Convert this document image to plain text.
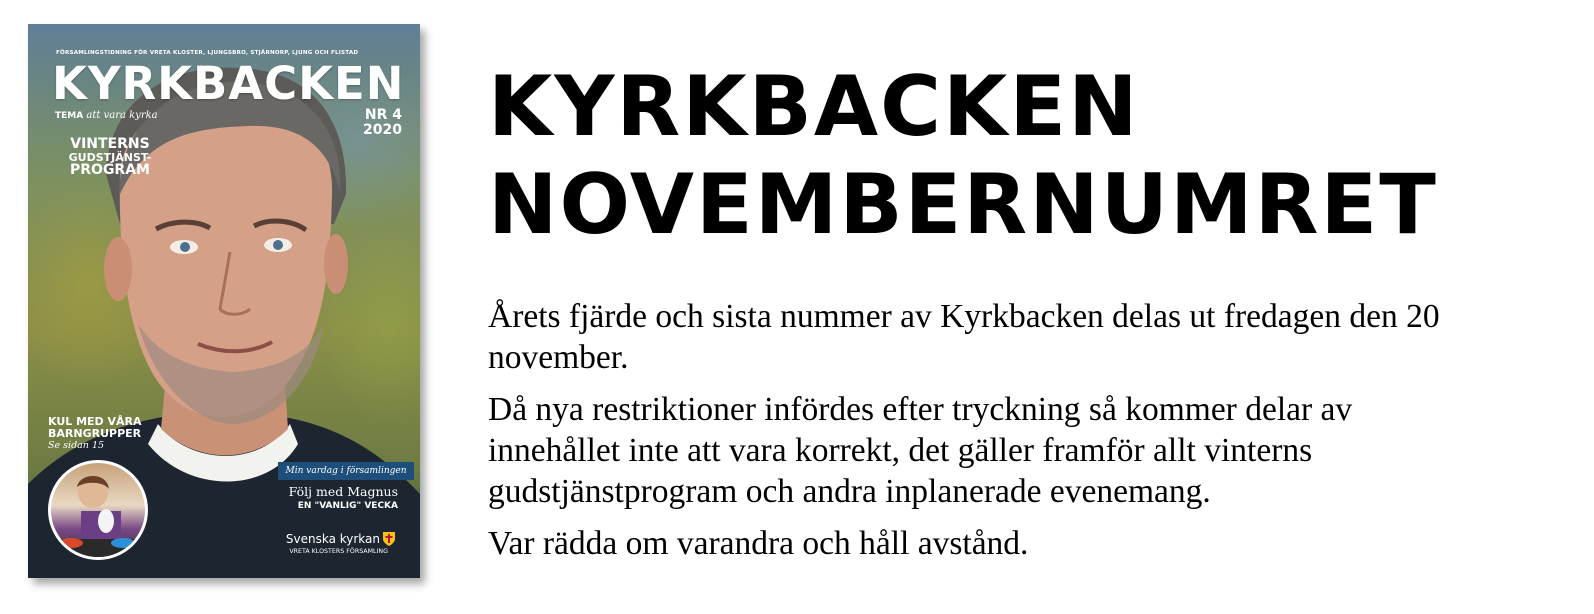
FÖRSAMLINGSTIDNING FÖR VRETA KLOSTER, LJUNGSBRO, STJÄRNORP, LJUNG OCH FLISTAD
KYRKBACKEN
TEMA att vara kyrka	NR 4
2020
VINTERNS
GUDSTJÄNST-
PROGRAM
KUL MED VÅRA
BARNGRUPPER
Se sidan 15
Min vardag i församlingen
Följ med Magnus
EN "VANLIG" VECKA
Svenska kyrkan
VRETA KLOSTERS FÖRSAMLING
KYRKBACKEN
NOVEMBERNUMRET

Årets fjärde och sista nummer av Kyrkbacken delas ut fredagen den 20 november.

Då nya restriktioner infördes efter tryckning så kommer delar av innehållet inte att vara korrekt, det gäller framför allt vinterns gudstjänstprogram och andra inplanerade evenemang.

Var rädda om varandra och håll avstånd.
